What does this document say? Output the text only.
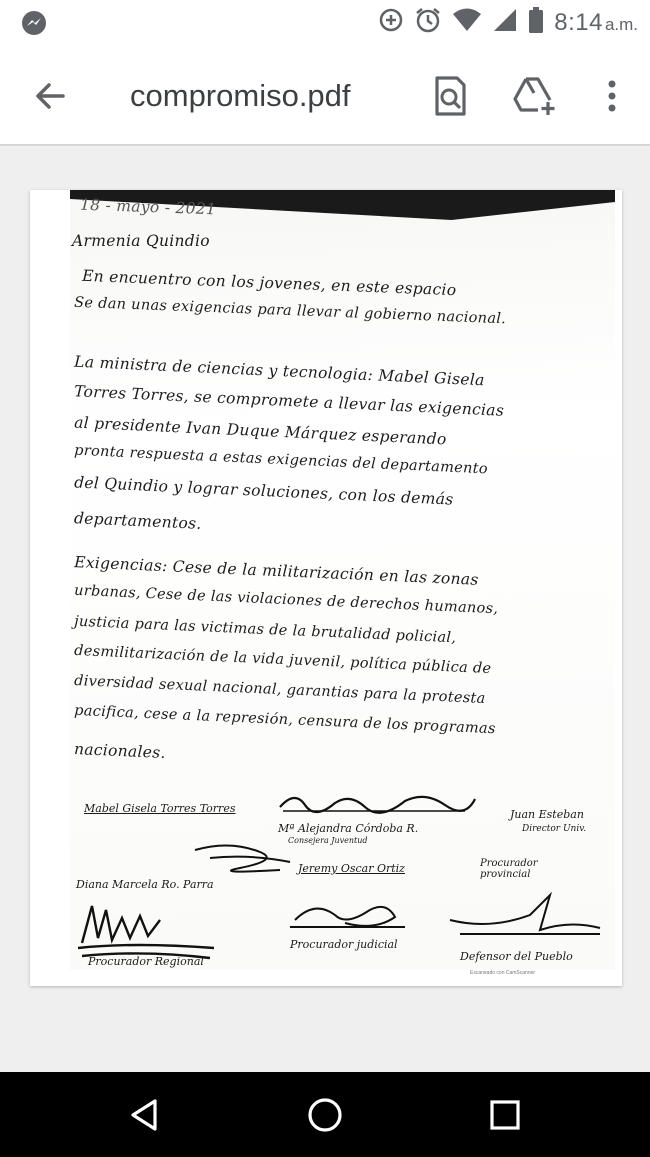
8:14 a.m.
compromiso.pdf
18 - mayo - 2021
Armenia Quindio
En encuentro con los jovenes, en este espacio
Se dan unas exigencias para llevar al gobierno nacional.
La ministra de ciencias y tecnologia: Mabel Gisela
Torres Torres, se compromete a llevar las exigencias
al presidente Ivan Duque Márquez esperando
pronta respuesta a estas exigencias del departamento
del Quindio y lograr soluciones, con los demás
departamentos.
Exigencias: Cese de la militarización en las zonas
urbanas, Cese de las violaciones de derechos humanos,
justicia para las victimas de la brutalidad policial,
desmilitarización de la vida juvenil, política pública de
diversidad sexual nacional, garantias para la protesta
pacifica, cese a la represión, censura de los programas
nacionales.
Mabel Gisela Torres Torres
Mª Alejandra Córdoba R.
Consejera Juventud
Juan Esteban
Director Univ.
Jeremy Oscar Ortiz	Procurador provincial
Diana Marcela Ro. Parra
Procurador Regional
Procurador judicial
Defensor del Pueblo
Escaneado con CamScanner
